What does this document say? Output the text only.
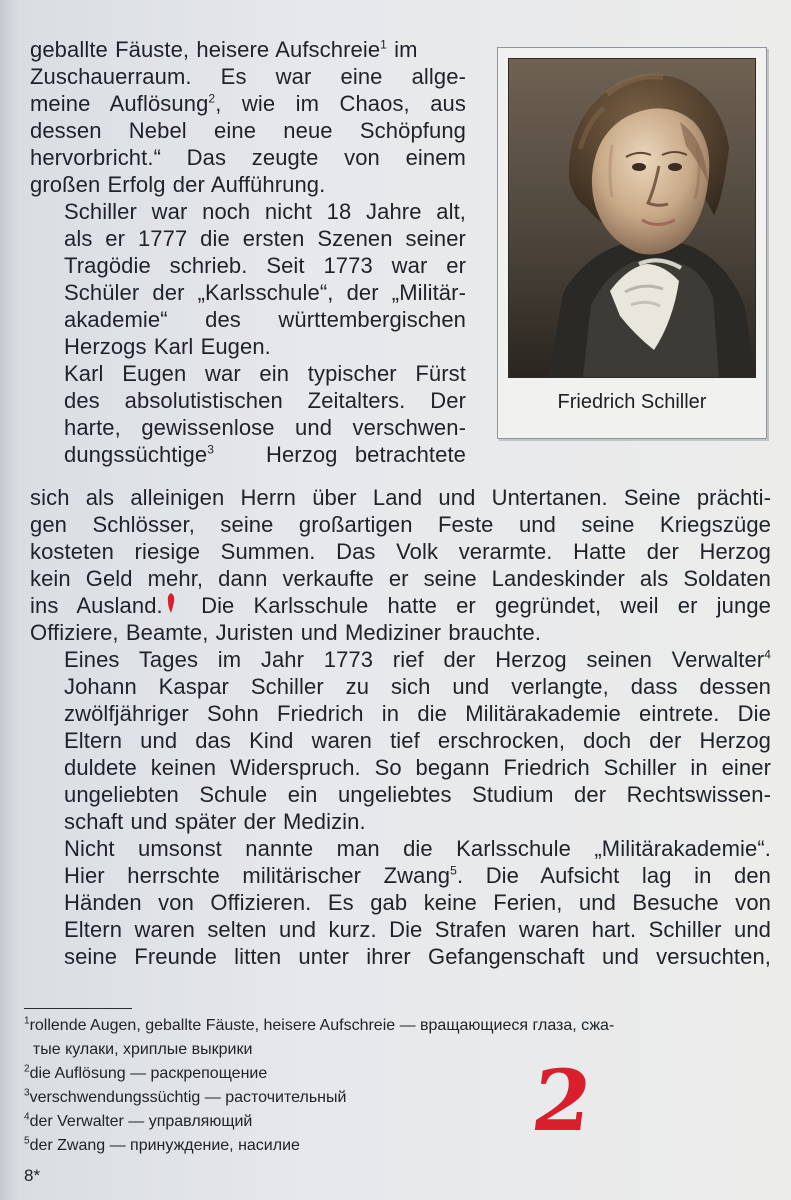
geballte Fäuste, heisere Aufschreie$^1$ im
Zuschauerraum. Es war eine allge-
meine Auflösung$^2$, wie im Chaos, aus
dessen Nebel eine neue Schöpfung
hervorbricht.“ Das zeugte von einem
großen Erfolg der Aufführung.

Schiller war noch nicht 18 Jahre alt,
als er 1777 die ersten Szenen seiner
Tragödie schrieb. Seit 1773 war er
Schüler der „Karlsschule“, der „Militär-
akademie“ des württembergischen
Herzogs Karl Eugen.

Karl Eugen war ein typischer Fürst
des absolutistischen Zeitalters. Der
harte, gewissenlose und verschwen-
dungssüchtige$^3$ Herzog betrachtete

Friedrich Schiller

sich als alleinigen Herrn über Land und Untertanen. Seine prächti-
gen Schlösser, seine großartigen Feste und seine Kriegszüge
kosteten riesige Summen. Das Volk verarmte. Hatte der Herzog
kein Geld mehr, dann verkaufte er seine Landeskinder als Soldaten
ins Ausland. Die Karlsschule hatte er gegründet, weil er junge
Offiziere, Beamte, Juristen und Mediziner brauchte.

Eines Tages im Jahr 1773 rief der Herzog seinen Verwalter$^4$
Johann Kaspar Schiller zu sich und verlangte, dass dessen
zwölfjähriger Sohn Friedrich in die Militärakademie eintrete. Die
Eltern und das Kind waren tief erschrocken, doch der Herzog
duldete keinen Widerspruch. So begann Friedrich Schiller in einer
ungeliebten Schule ein ungeliebtes Studium der Rechtswissen-
schaft und später der Medizin.

Nicht umsonst nannte man die Karlsschule „Militärakademie“.
Hier herrschte militärischer Zwang$^5$. Die Aufsicht lag in den
Händen von Offizieren. Es gab keine Ferien, und Besuche von
Eltern waren selten und kurz. Die Strafen waren hart. Schiller und
seine Freunde litten unter ihrer Gefangenschaft und versuchten,

$^1$rollende Augen, geballte Fäuste, heisere Aufschreie — вращающиеся глаза, сжа-
тые кулаки, хриплые выкрики
$^2$die Auflösung — раскрепощение
$^3$verschwendungssüchtig — расточительный
$^4$der Verwalter — управляющий
$^5$der Zwang — принуждение, насилие	2
8*
